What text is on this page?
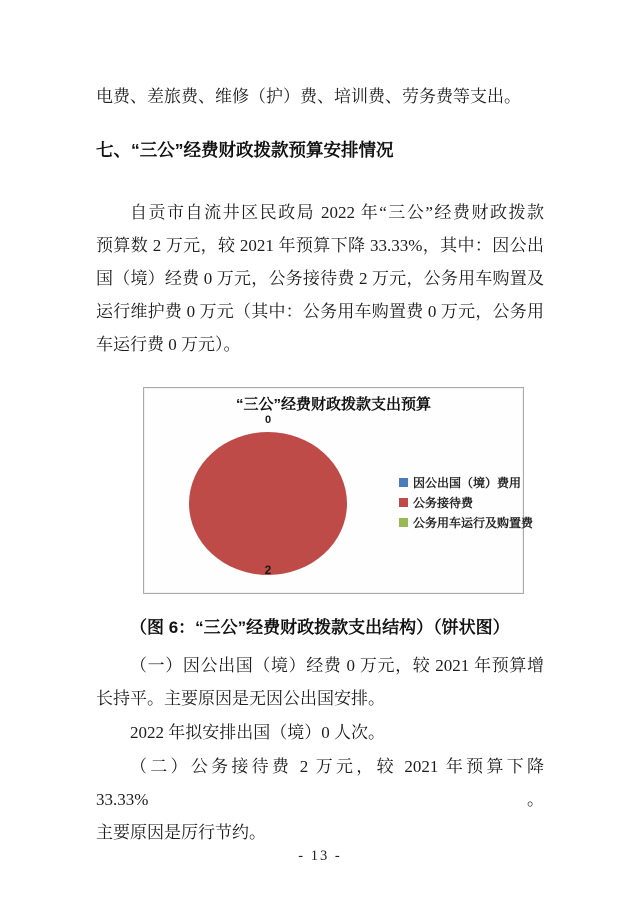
电费、差旅费、维修（护）费、培训费、劳务费等支出。
七、“三公”经费财政拨款预算安排情况
自贡市自流井区民政局 2022 年“三公”经费财政拨款
预算数 2 万元，较 2021 年预算下降 33.33%，其中：因公出
国（境）经费 0 万元，公务接待费 2 万元，公务用车购置及
运行维护费 0 万元（其中：公务用车购置费 0 万元，公务用
车运行费 0 万元）。
“三公”经费财政拨款支出预算
0
2
因公出国（境）费用
公务接待费
公务用车运行及购置费
（图 6：“三公”经费财政拨款支出结构）（饼状图）
（一）因公出国（境）经费 0 万元，较 2021 年预算增
长持平。主要原因是无因公出国安排。
2022 年拟安排出国（境）0 人次。
（二）公务接待费 2 万元，较 2021 年预算下降 33.33%。
主要原因是厉行节约。
- 13 -
